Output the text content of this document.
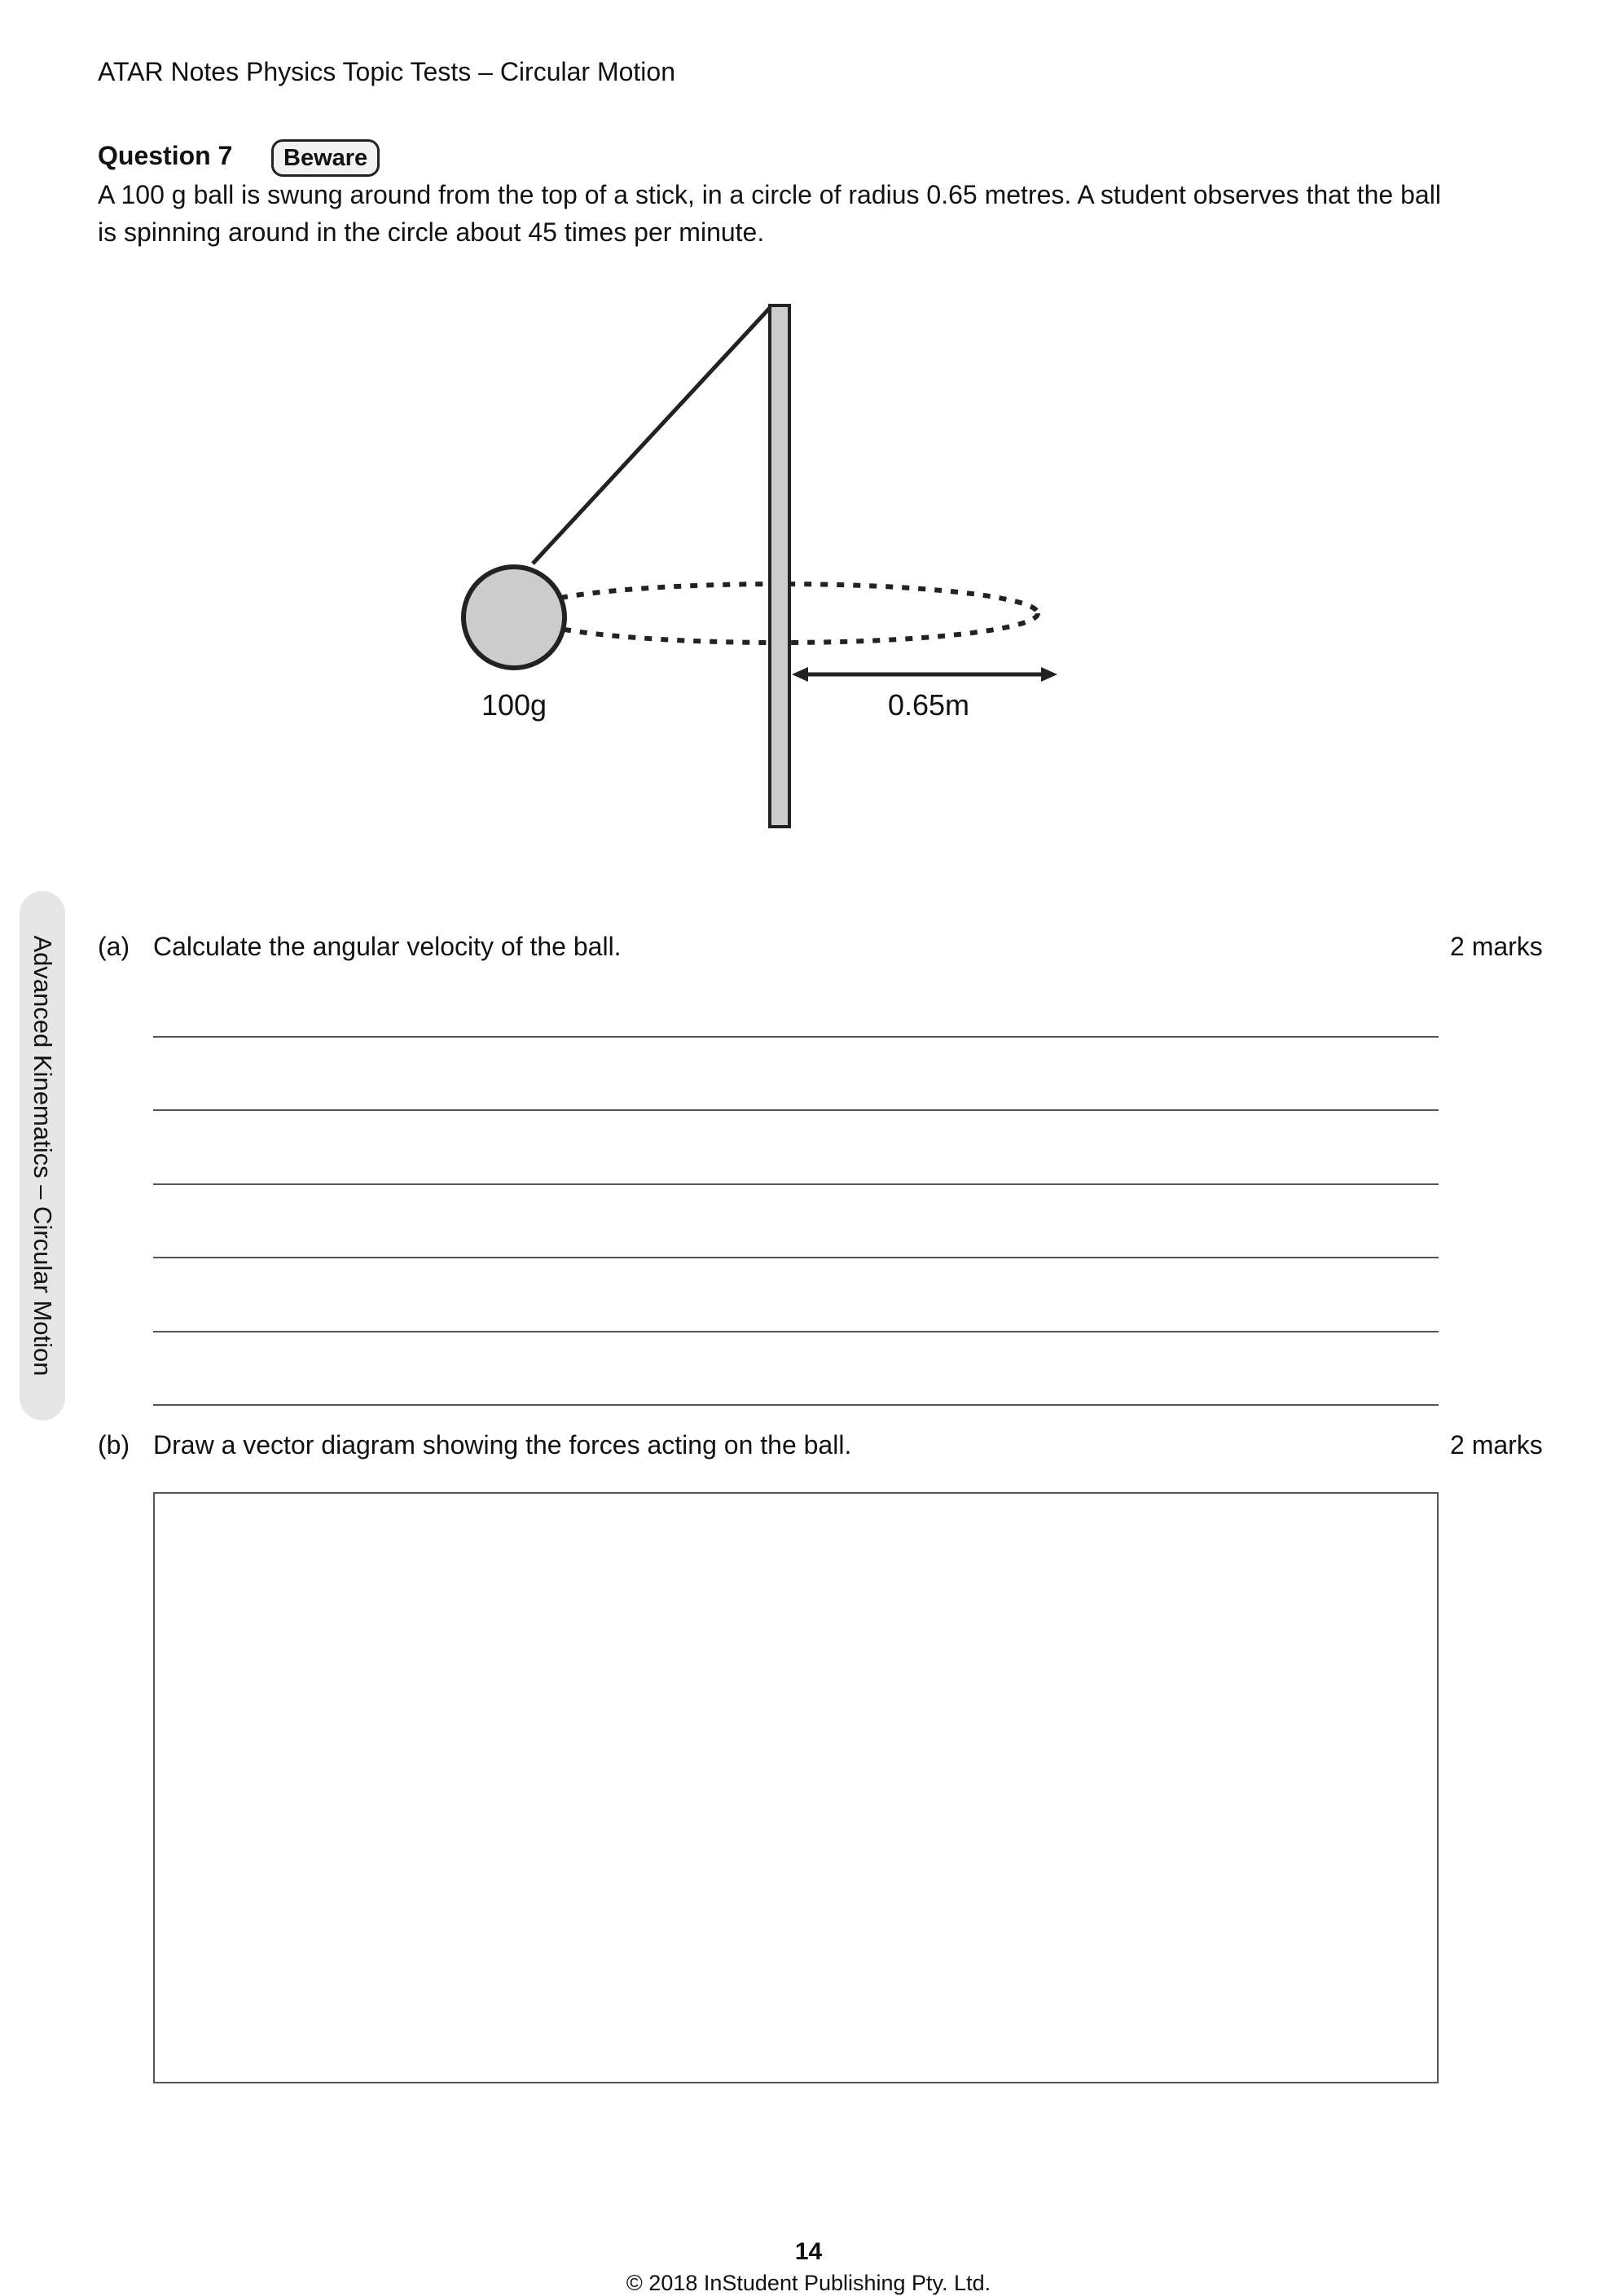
ATAR Notes Physics Topic Tests – Circular Motion
Question 7	Beware
A 100 g ball is swung around from the top of a stick, in a circle of radius 0.65 metres. A student observes that the ball is spinning around in the circle about 45 times per minute.
100g	0.65m
Advanced Kinematics – Circular Motion	(a) Calculate the angular velocity of the ball.	2 marks
(b) Draw a vector diagram showing the forces acting on the ball.	2 marks
14
© 2018 InStudent Publishing Pty. Ltd.
